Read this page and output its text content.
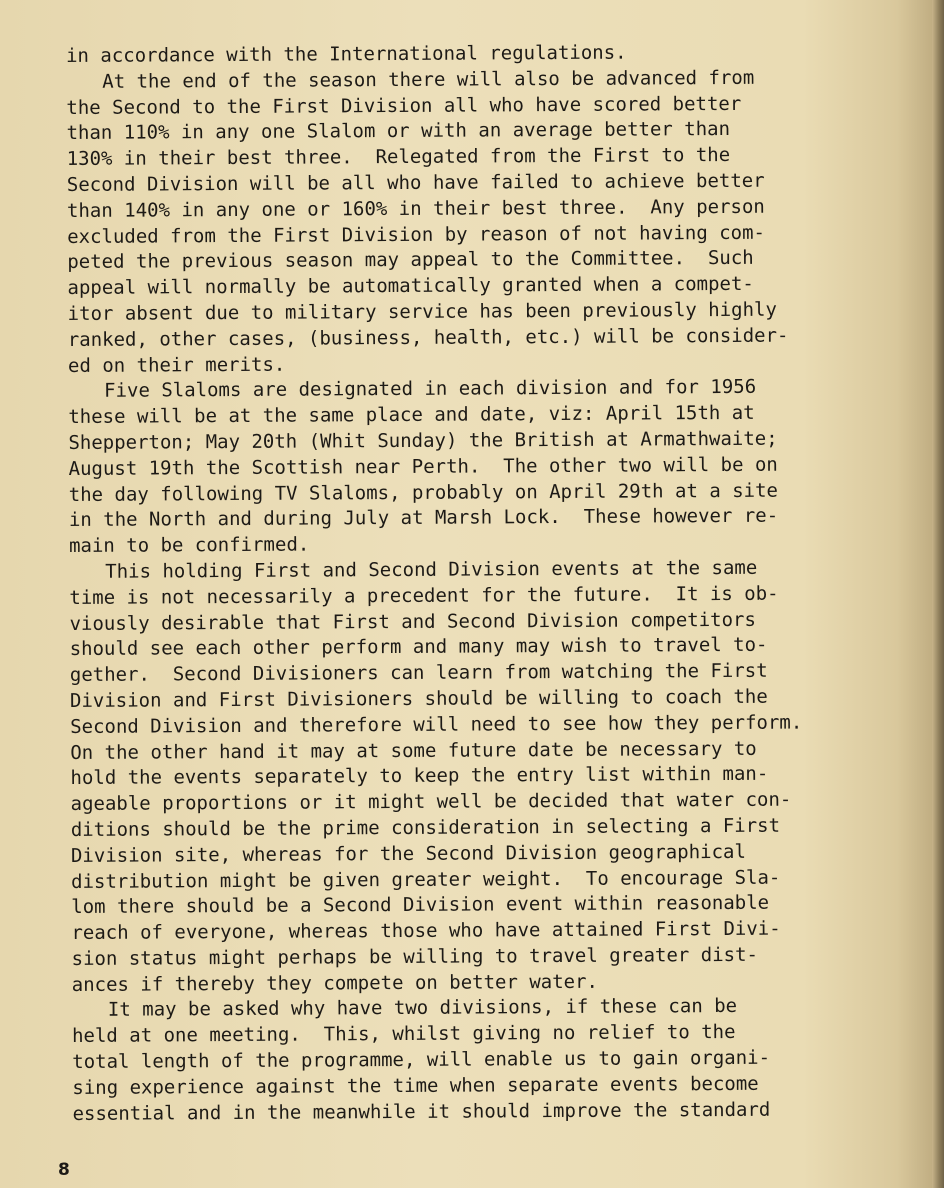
in accordance with the International regulations.
At the end of the season there will also be advanced from
the Second to the First Division all who have scored better
than 110% in any one Slalom or with an average better than
130% in their best three.  Relegated from the First to the
Second Division will be all who have failed to achieve better
than 140% in any one or 160% in their best three.  Any person
excluded from the First Division by reason of not having com-
peted the previous season may appeal to the Committee.  Such
appeal will normally be automatically granted when a compet-
itor absent due to military service has been previously highly
ranked, other cases, (business, health, etc.) will be consider-
ed on their merits.
Five Slaloms are designated in each division and for 1956
these will be at the same place and date, viz: April 15th at
Shepperton; May 20th (Whit Sunday) the British at Armathwaite;
August 19th the Scottish near Perth.  The other two will be on
the day following TV Slaloms, probably on April 29th at a site
in the North and during July at Marsh Lock.  These however re-
main to be confirmed.
This holding First and Second Division events at the same
time is not necessarily a precedent for the future.  It is ob-
viously desirable that First and Second Division competitors
should see each other perform and many may wish to travel to-
gether.  Second Divisioners can learn from watching the First
Division and First Divisioners should be willing to coach the
Second Division and therefore will need to see how they perform.
On the other hand it may at some future date be necessary to
hold the events separately to keep the entry list within man-
ageable proportions or it might well be decided that water con-
ditions should be the prime consideration in selecting a First
Division site, whereas for the Second Division geographical
distribution might be given greater weight.  To encourage Sla-
lom there should be a Second Division event within reasonable
reach of everyone, whereas those who have attained First Divi-
sion status might perhaps be willing to travel greater dist-
ances if thereby they compete on better water.
It may be asked why have two divisions, if these can be
held at one meeting.  This, whilst giving no relief to the
total length of the programme, will enable us to gain organi-
sing experience against the time when separate events become
essential and in the meanwhile it should improve the standard
8
